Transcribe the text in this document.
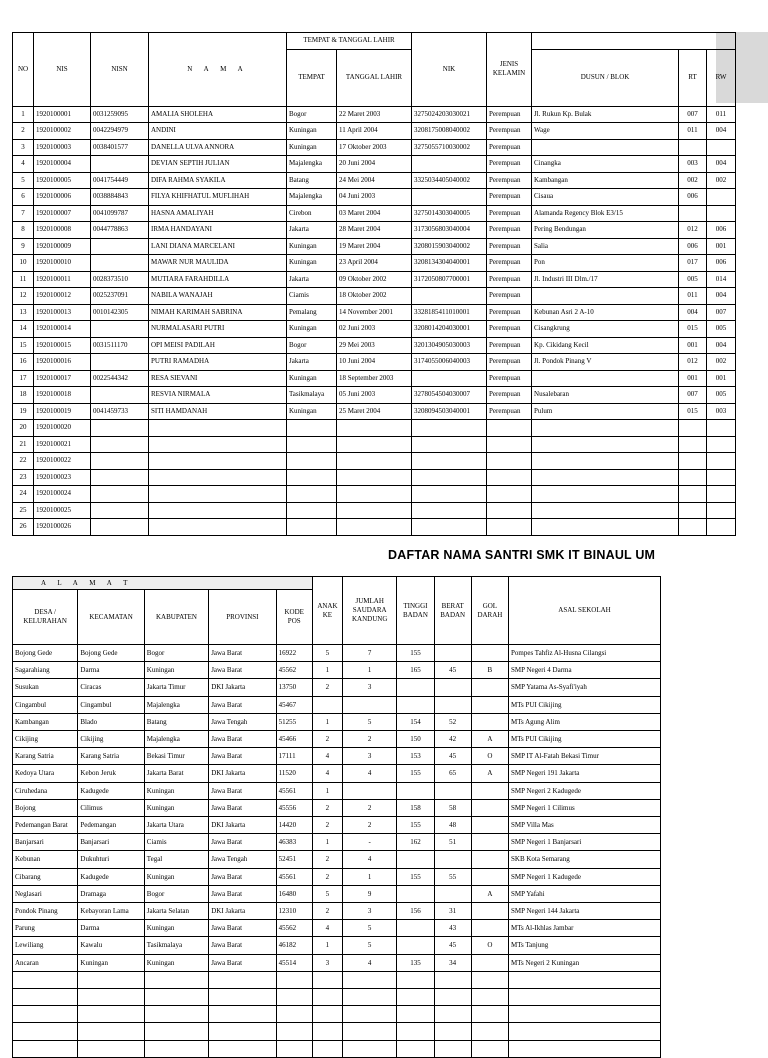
NO	NIS	NISN	N A M A	TEMPAT & TANGGAL LAHIR		NIK	JENIS KELAMIN			
				TEMPAT	TANGGAL LAHIR			DUSUN / BLOK	RT	RW
1	1920100001	0031259095	AMALIA SHOLEHA	Bogor	22 Maret 2003	3275024203030021	Perempuan	Jl. Rukun Kp. Bulak	007	011
2	1920100002	0042294979	ANDINI	Kuningan	11 April 2004	3208175008040002	Perempuan	Wage	011	004
3	1920100003	0038401577	DANELLA ULVA ANNORA	Kuningan	17 Oktober 2003	3275055710030002	Perempuan			
4	1920100004		DEVIAN SEPTIH JULIAN	Majalengka	20 Juni 2004		Perempuan	Cinangka	003	004
5	1920100005	0041754449	DIFA RAHMA SYAKILA	Batang	24 Mei 2004	3325034405040002	Perempuan	Kambangan	002	002
6	1920100006	0038884843	FILYA KHIFHATUL MUFLIHAH	Majalengka	04 Juni 2003		Perempuan	Cisaua	006	
7	1920100007	0041099787	HASNA AMALIYAH	Cirebon	03 Maret 2004	3275014303040005	Perempuan	Alamanda Regency Blok E3/15		
8	1920100008	0044778863	IRMA HANDAYANI	Jakarta	28 Maret 2004	3173056803040004	Perempuan	Pering Bendungan	012	006
9	1920100009		LANI DIANA MARCELANI	Kuningan	19 Maret 2004	3208015903040002	Perempuan	Salia	006	001
10	1920100010		MAWAR NUR MAULIDA	Kuningan	23 April 2004	3208134304040001	Perempuan	Pon	017	006
11	1920100011	0028373510	MUTIARA FARAHDILLA	Jakarta	09 Oktober 2002	3172050807700001	Perempuan	Jl. Industri III Dlm./17	005	014
12	1920100012	0025237091	NABILA WANAJAH	Ciamis	18 Oktober 2002		Perempuan		011	004
13	1920100013	0010142305	NIMAH KARIMAH SABRINA	Pemalang	14 November 2001	3328185411010001	Perempuan	Kebunan Asri 2 A-10	004	007
14	1920100014		NURMALASARI PUTRI	Kuningan	02 Juni 2003	3208014204030001	Perempuan	Cisangkrung	015	005
15	1920100015	0031511170	OPI MEISI PADILAH	Bogor	29 Mei 2003	3201304905030003	Perempuan	Kp. Cikidang Kecil	001	004
16	1920100016		PUTRI RAMADHA	Jakarta	10 Juni 2004	3174055006040003	Perempuan	Jl. Pondok Pinang V	012	002
17	1920100017	0022544342	RESA SIEVANI	Kuningan	18 September 2003		Perempuan		001	001
18	1920100018		RESVIA NIRMALA	Tasikmalaya	05 Juni 2003	3278054504030007	Perempuan	Nusalebaran	007	005
19	1920100019	0041459733	SITI HAMDANAH	Kuningan	25 Maret 2004	3208094503040001	Perempuan	Pulum	015	003
20	1920100020									
21	1920100021									
22	1920100022									
23	1920100023									
24	1920100024									
25	1920100025									
26	1920100026									
DAFTAR NAMA SANTRI SMK IT BINAUL UM
A L A M A T					ANAK KE	JUMLAH SAUDARA KANDUNG	TINGGI BADAN	BERAT BADAN	GOL DARAH	ASAL SEKOLAH
DESA / KELURAHAN	KECAMATAN	KABUPATEN	PROVINSI	KODE POS						
Bojong Gede	Bojong Gede	Bogor	Jawa Barat	16922	5	7	155			Pompes Tahfiz Al-Husna Cilangsi
Sagarahiang	Darma	Kuningan	Jawa Barat	45562	1	1	165	45	B	SMP Negeri 4 Darma
Susukan	Ciracas	Jakarta Timur	DKI Jakarta	13750	2	3				SMP Yatama As-Syafi'iyah
Cingambul	Cingambul	Majalengka	Jawa Barat	45467						MTs PUI Cikijing
Kambangan	Blado	Batang	Jawa Tengah	51255	1	5	154	52		MTs Agung Alim
Cikijing	Cikijing	Majalengka	Jawa Barat	45466	2	2	150	42	A	MTs PUI Cikijing
Karang Satria	Karang Satria	Bekasi Timur	Jawa Barat	17111	4	3	153	45	O	SMP IT Al-Fatah Bekasi Timur
Kedoya Utara	Kebon Jeruk	Jakarta Barat	DKI Jakarta	11520	4	4	155	65	A	SMP Negeri 191 Jakarta
Ciruhedana	Kadugede	Kuningan	Jawa Barat	45561	1					SMP Negeri 2 Kadugede
Bojong	Cilimus	Kuningan	Jawa Barat	45556	2	2	158	58		SMP Negeri 1 Cilimus
Pedemangan Barat	Pedemangan	Jakarta Utara	DKI Jakarta	14420	2	2	155	48		SMP Villa Mas
Banjarsari	Banjarsari	Ciamis	Jawa Barat	46383	1	-	162	51		SMP Negeri 1 Banjarsari
Kebunan	Dukuhturi	Tegal	Jawa Tengah	52451	2	4				SKB Kota Semarang
Cibarang	Kadugede	Kuningan	Jawa Barat	45561	2	1	155	55		SMP Negeri 1 Kadugede
Neglasari	Dramaga	Bogor	Jawa Barat	16480	5	9			A	SMP Yafahi
Pondok Pinang	Kebayoran Lama	Jakarta Selatan	DKI Jakarta	12310	2	3	156	31		SMP Negeri 144 Jakarta
Parung	Darma	Kuningan	Jawa Barat	45562	4	5		43		MTs Al-Ikhlas Jambar
Lewiliang	Kawalu	Tasikmalaya	Jawa Barat	46182	1	5		45	O	MTs Tanjung
Ancaran	Kuningan	Kuningan	Jawa Barat	45514	3	4	135	34		MTs Negeri 2 Kuningan
